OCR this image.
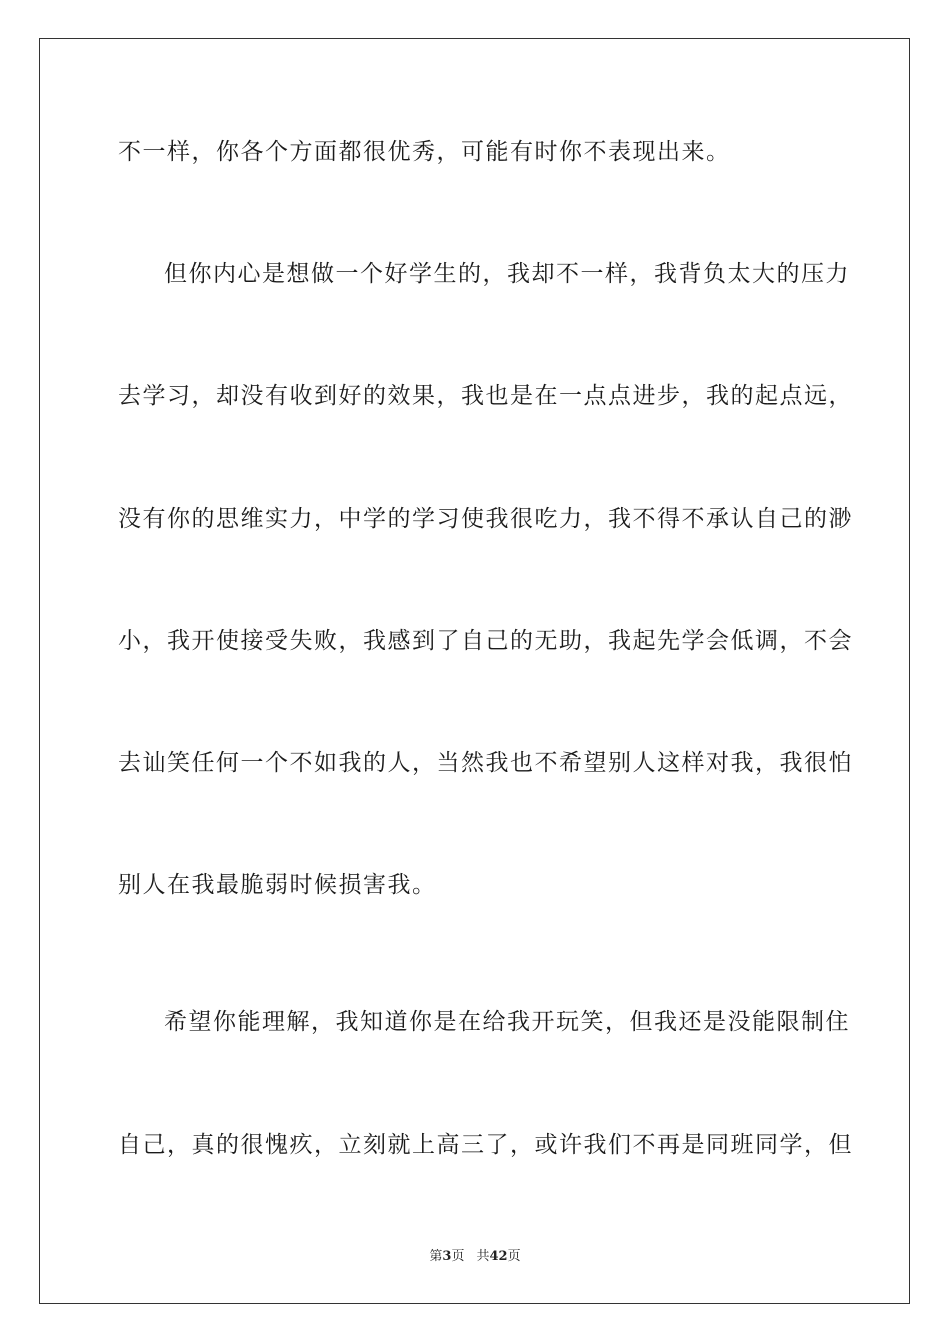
不一样，你各个方面都很优秀，可能有时你不表现出来。
但你内心是想做一个好学生的，我却不一样，我背负太大的压力
去学习，却没有收到好的效果，我也是在一点点进步，我的起点远，
没有你的思维实力，中学的学习使我很吃力，我不得不承认自己的渺
小，我开使接受失败，我感到了自己的无助，我起先学会低调，不会
去讪笑任何一个不如我的人，当然我也不希望别人这样对我，我很怕
别人在我最脆弱时候损害我。
希望你能理解，我知道你是在给我开玩笑，但我还是没能限制住
自己，真的很愧疚，立刻就上高三了，或许我们不再是同班同学，但
第3页 共42页
